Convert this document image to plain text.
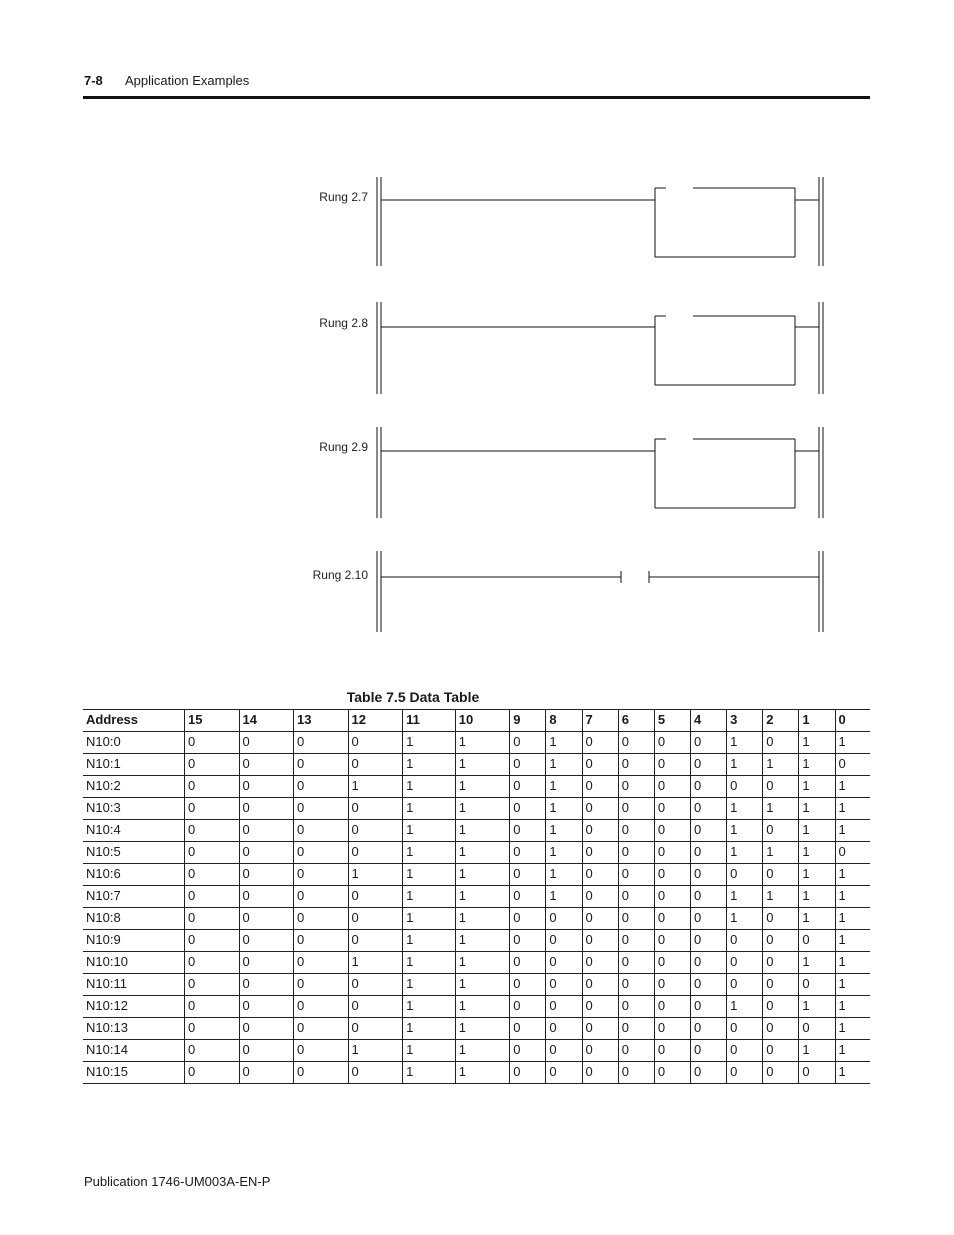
7-8 Application Examples
Rung 2.7
Rung 2.8
Rung 2.9
Rung 2.10
Table 7.5 Data Table
Address	15	14	13	12	11	10	9	8	7	6	5	4	3	2	1	0
N10:0	0	0	0	0	1	1	0	1	0	0	0	0	1	0	1	1
N10:1	0	0	0	0	1	1	0	1	0	0	0	0	1	1	1	0
N10:2	0	0	0	1	1	1	0	1	0	0	0	0	0	0	1	1
N10:3	0	0	0	0	1	1	0	1	0	0	0	0	1	1	1	1
N10:4	0	0	0	0	1	1	0	1	0	0	0	0	1	0	1	1
N10:5	0	0	0	0	1	1	0	1	0	0	0	0	1	1	1	0
N10:6	0	0	0	1	1	1	0	1	0	0	0	0	0	0	1	1
N10:7	0	0	0	0	1	1	0	1	0	0	0	0	1	1	1	1
N10:8	0	0	0	0	1	1	0	0	0	0	0	0	1	0	1	1
N10:9	0	0	0	0	1	1	0	0	0	0	0	0	0	0	0	1
N10:10	0	0	0	1	1	1	0	0	0	0	0	0	0	0	1	1
N10:11	0	0	0	0	1	1	0	0	0	0	0	0	0	0	0	1
N10:12	0	0	0	0	1	1	0	0	0	0	0	0	1	0	1	1
N10:13	0	0	0	0	1	1	0	0	0	0	0	0	0	0	0	1
N10:14	0	0	0	1	1	1	0	0	0	0	0	0	0	0	1	1
N10:15	0	0	0	0	1	1	0	0	0	0	0	0	0	0	0	1
Publication 1746-UM003A-EN-P
